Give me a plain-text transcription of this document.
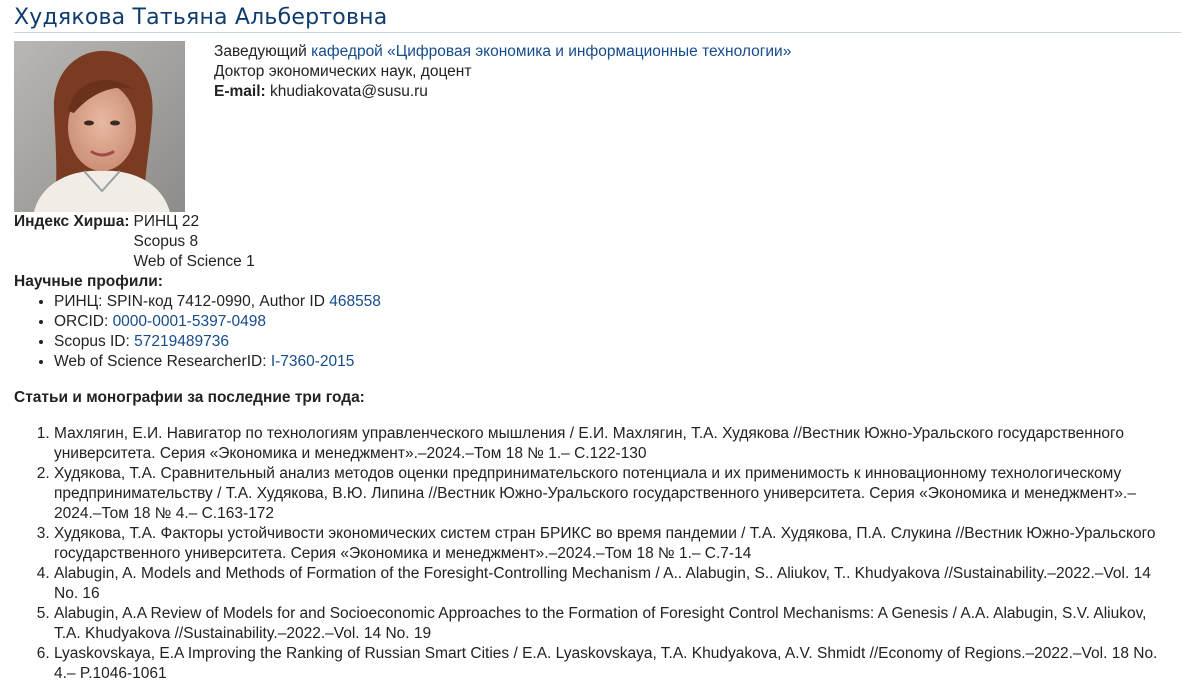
Худякова Татьяна Альбертовна
Заведующий кафедрой «Цифровая экономика и информационные технологии»
Доктор экономических наук, доцент
E-mail: khudiakovata@susu.ru
Индекс Хирша: РИНЦ 22
Scopus 8
Web of Science 1
Научные профили:
• РИНЦ: SPIN-код 7412-0990, Author ID 468558
• ORCID: 0000-0001-5397-0498
• Scopus ID: 57219489736
• Web of Science ResearcherID: I-7360-2015
Статьи и монографии за последние три года:
1. Махлягин, Е.И. Навигатор по технологиям управленческого мышления / Е.И. Махлягин, Т.А. Худякова //Вестник Южно-Уральского государственного университета. Серия «Экономика и менеджмент».–2024.–Том 18 № 1.– С.122-130
2. Худякова, Т.А. Сравнительный анализ методов оценки предпринимательского потенциала и их применимость к инновационному технологическому предпринимательству / Т.А. Худякова, В.Ю. Липина //Вестник Южно-Уральского государственного университета. Серия «Экономика и менеджмент».–2024.–Том 18 № 4.– С.163-172
3. Худякова, Т.А. Факторы устойчивости экономических систем стран БРИКС во время пандемии / Т.А. Худякова, П.А. Слукина //Вестник Южно-Уральского государственного университета. Серия «Экономика и менеджмент».–2024.–Том 18 № 1.– С.7-14
4. Alabugin, A. Models and Methods of Formation of the Foresight-Controlling Mechanism / A.. Alabugin, S.. Aliukov, T.. Khudyakova //Sustainability.–2022.–Vol. 14 No. 16
5. Alabugin, A.A Review of Models for and Socioeconomic Approaches to the Formation of Foresight Control Mechanisms: A Genesis / A.A. Alabugin, S.V. Aliukov, T.A. Khudyakova //Sustainability.–2022.–Vol. 14 No. 19
6. Lyaskovskaya, E.A Improving the Ranking of Russian Smart Cities / E.A. Lyaskovskaya, T.A. Khudyakova, A.V. Shmidt //Economy of Regions.–2022.–Vol. 18 No. 4.– P.1046-1061
